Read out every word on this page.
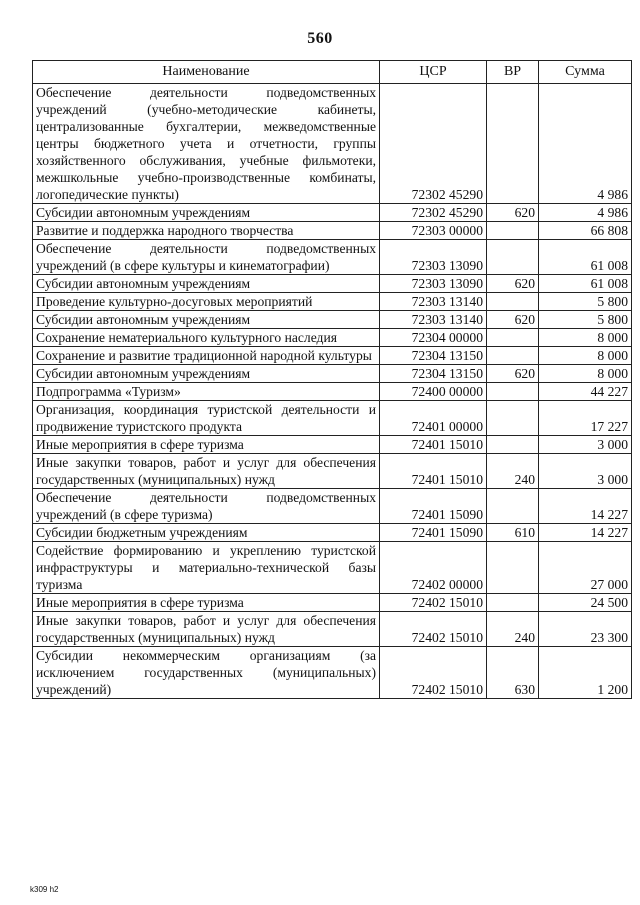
560
Наименование	ЦСР	ВР	Сумма
Обеспечение деятельности подведомственных учреждений (учебно-методические кабинеты, централизованные бухгалтерии, межведомственные центры бюджетного учета и отчетности, группы хозяйственного обслуживания, учебные фильмотеки, межшкольные учебно-производственные комбинаты, логопедические пункты)	72302 45290		4 986
Субсидии автономным учреждениям	72302 45290	620	4 986
Развитие и поддержка народного творчества	72303 00000		66 808
Обеспечение деятельности подведомственных учреждений (в сфере культуры и кинематографии)	72303 13090		61 008
Субсидии автономным учреждениям	72303 13090	620	61 008
Проведение культурно-досуговых мероприятий	72303 13140		5 800
Субсидии автономным учреждениям	72303 13140	620	5 800
Сохранение нематериального культурного наследия	72304 00000		8 000
Сохранение и развитие традиционной народной культуры	72304 13150		8 000
Субсидии автономным учреждениям	72304 13150	620	8 000
Подпрограмма «Туризм»	72400 00000		44 227
Организация, координация туристской деятельности и продвижение туристского продукта	72401 00000		17 227
Иные мероприятия в сфере туризма	72401 15010		3 000
Иные закупки товаров, работ и услуг для обеспечения государственных (муниципальных) нужд	72401 15010	240	3 000
Обеспечение деятельности подведомственных учреждений (в сфере туризма)	72401 15090		14 227
Субсидии бюджетным учреждениям	72401 15090	610	14 227
Содействие формированию и укреплению туристской инфраструктуры и материально-технической базы туризма	72402 00000		27 000
Иные мероприятия в сфере туризма	72402 15010		24 500
Иные закупки товаров, работ и услуг для обеспечения государственных (муниципальных) нужд	72402 15010	240	23 300
Субсидии некоммерческим организациям (за исключением государственных (муниципальных) учреждений)	72402 15010	630	1 200
k309 h2
